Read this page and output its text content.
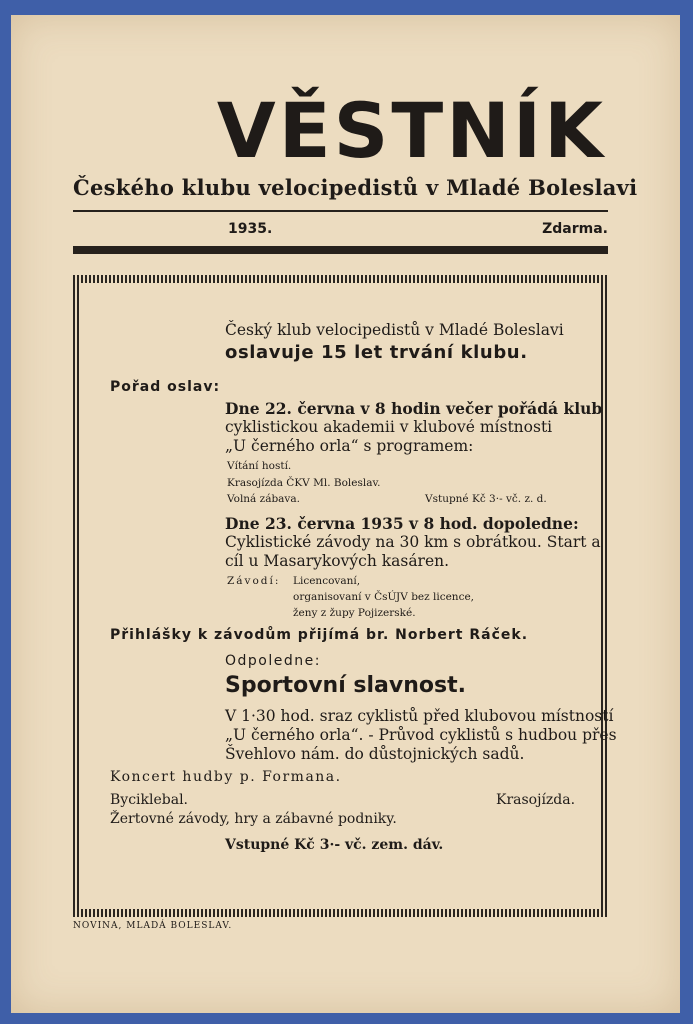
VĚSTNÍK
Českého klubu velocipedistů v Mladé Boleslavi
1935.	Zdarma.
Český klub velocipedistů v Mladé Boleslavi
oslavuje 15 let trvání klubu.
Pořad oslav:
Dne 22. června v 8 hodin večer pořádá klub
cyklistickou akademii v klubové místnosti
„U černého orla“ s programem:
Vítání hostí.
Krasojízda ČKV Ml. Boleslav.
Volná zábava.	Vstupné Kč 3·- vč. z. d.
Dne 23. června 1935 v 8 hod. dopoledne:
Cyklistické závody na 30 km s obrátkou. Start a
cíl u Masarykových kasáren.
Závodí: Licencovaní,
organisovaní v ČsÚJV bez licence,
ženy z župy Pojizerské.
Přihlášky k závodům přijímá br. Norbert Ráček.
Odpoledne:
Sportovní slavnost.
V 1·30 hod. sraz cyklistů před klubovou místností
„U černého orla“. - Průvod cyklistů s hudbou přes
Švehlovo nám. do důstojnických sadů.
Koncert hudby p. Formana.
Byciklebal.	Krasojízda.
Žertovné závody, hry a zábavné podniky.
Vstupné Kč 3·- vč. zem. dáv.
NOVINA, MLADÁ BOLESLAV.
